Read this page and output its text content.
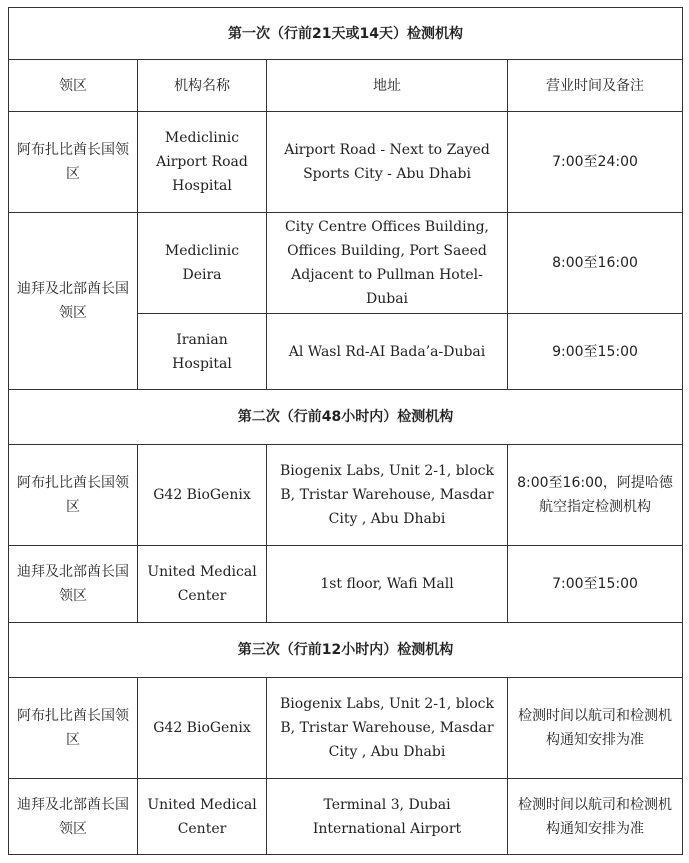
第一次（行前21天或14天）检测机构			
领区	机构名称	地址	营业时间及备注
阿布扎比酋长国领区	Mediclinic Airport Road Hospital	Airport Road - Next to Zayed Sports City - Abu Dhabi	7:00至24:00
迪拜及北部酋长国领区	Mediclinic Deira	City Centre Offices Building, Offices Building, Port Saeed Adjacent to Pullman Hotel-Dubai	8:00至16:00
	Iranian Hospital	Al Wasl Rd-AI Bada’a-Dubai	9:00至15:00
第二次（行前48小时内）检测机构			
阿布扎比酋长国领区	G42 BioGenix	Biogenix Labs, Unit 2-1, block B, Tristar Warehouse, Masdar City , Abu Dhabi	8:00至16:00，阿提哈德航空指定检测机构
迪拜及北部酋长国领区	United Medical Center	1st floor, Wafi Mall	7:00至15:00
第三次（行前12小时内）检测机构			
阿布扎比酋长国领区	G42 BioGenix	Biogenix Labs, Unit 2-1, block B, Tristar Warehouse, Masdar City , Abu Dhabi	检测时间以航司和检测机构通知安排为准
迪拜及北部酋长国领区	United Medical Center	Terminal 3, Dubai International Airport	检测时间以航司和检测机构通知安排为准
